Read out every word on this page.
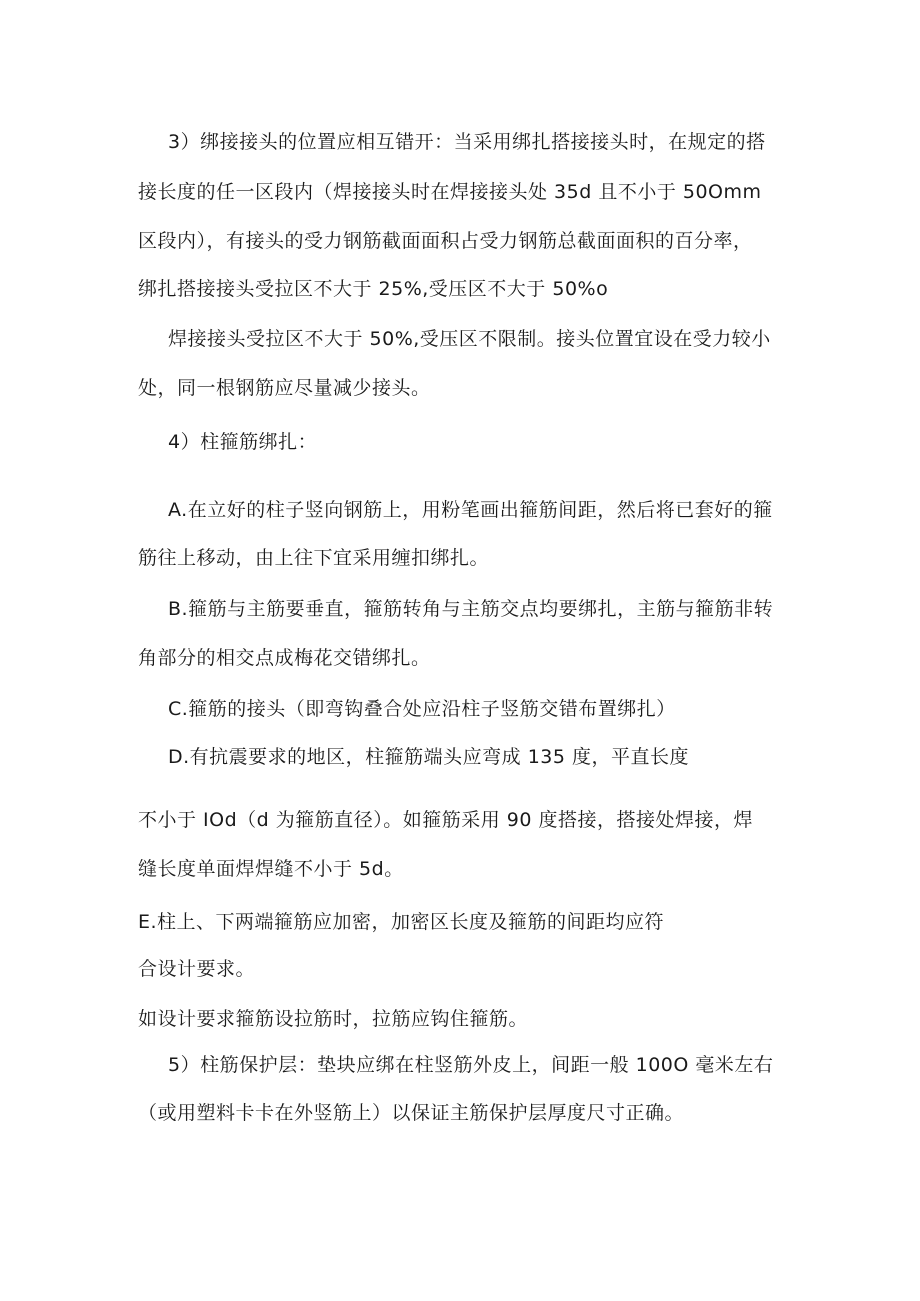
3）绑接接头的位置应相互错开：当采用绑扎搭接接头时，在规定的搭
接长度的任一区段内（焊接接头时在焊接接头处 35d 且不小于 50Omm
区段内），有接头的受力钢筋截面面积占受力钢筋总截面面积的百分率，
绑扎搭接接头受拉区不大于 25%,受压区不大于 50%o
焊接接头受拉区不大于 50%,受压区不限制。接头位置宜设在受力较小
处，同一根钢筋应尽量减少接头。
4）柱箍筋绑扎：
A.在立好的柱子竖向钢筋上，用粉笔画出箍筋间距，然后将已套好的箍
筋往上移动，由上往下宜采用缠扣绑扎。
B.箍筋与主筋要垂直，箍筋转角与主筋交点均要绑扎，主筋与箍筋非转
角部分的相交点成梅花交错绑扎。
C.箍筋的接头（即弯钩叠合处应沿柱子竖筋交错布置绑扎）
D.有抗震要求的地区，柱箍筋端头应弯成 135 度，平直长度
不小于 IOd（d 为箍筋直径）。如箍筋采用 90 度搭接，搭接处焊接，焊
缝长度单面焊焊缝不小于 5d。
E.柱上、下两端箍筋应加密，加密区长度及箍筋的间距均应符
合设计要求。
如设计要求箍筋设拉筋时，拉筋应钩住箍筋。
5）柱筋保护层：垫块应绑在柱竖筋外皮上，间距一般 100O 毫米左右
（或用塑料卡卡在外竖筋上）以保证主筋保护层厚度尺寸正确。
